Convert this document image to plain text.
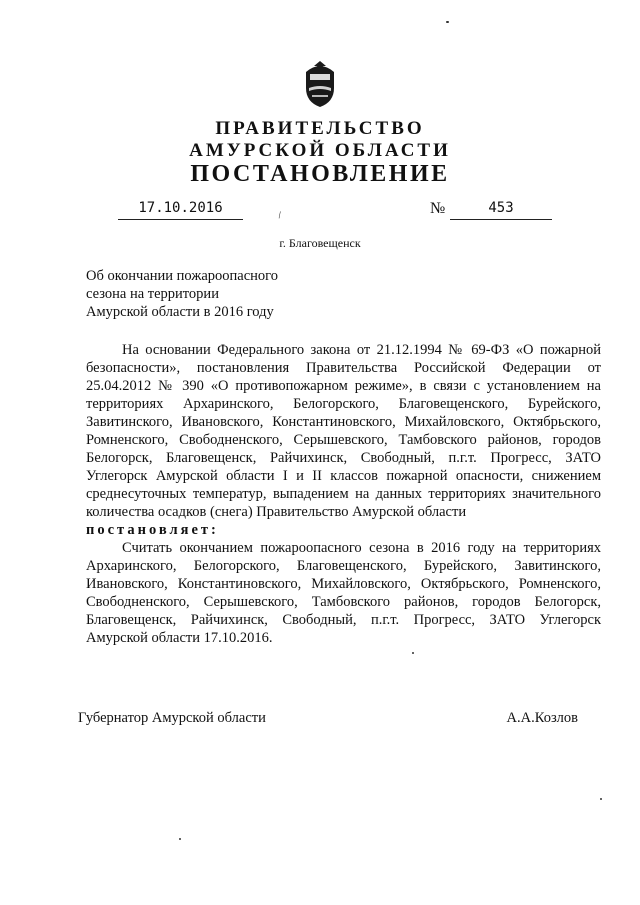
ПРАВИТЕЛЬСТВО
АМУРСКОЙ ОБЛАСТИ
ПОСТАНОВЛЕНИЕ
17.10.2016	№	453
\
г. Благовещенск
Об окончании пожароопасного
сезона на территории
Амурской области в 2016 году
На основании Федерального закона от 21.12.1994 № 69-ФЗ «О пожарной безопасности», постановления Правительства Российской Федерации от 25.04.2012 № 390 «О противопожарном режиме», в связи с установлением на территориях Архаринского, Белогорского, Благовещенского, Бурейского, Завитинского, Ивановского, Константиновского, Михайловского, Октябрьского, Ромненского, Свободненского, Серышевского, Тамбовского районов, городов Белогорск, Благовещенск, Райчихинск, Свободный, п.г.т. Прогресс, ЗАТО Углегорск Амурской области I и II классов пожарной опасности, снижением среднесуточных температур, выпадением на данных территориях значительного количества осадков (снега) Правительство Амурской области
постановляет:
Считать окончанием пожароопасного сезона в 2016 году на территориях Архаринского, Белогорского, Благовещенского, Бурейского, Завитинского, Ивановского, Константиновского, Михайловского, Октябрьского, Ромненского, Свободненского, Серышевского, Тамбовского районов, городов Белогорск, Благовещенск, Райчихинск, Свободный, п.г.т. Прогресс, ЗАТО Углегорск Амурской области 17.10.2016.
Губернатор Амурской области	А.А.Козлов
